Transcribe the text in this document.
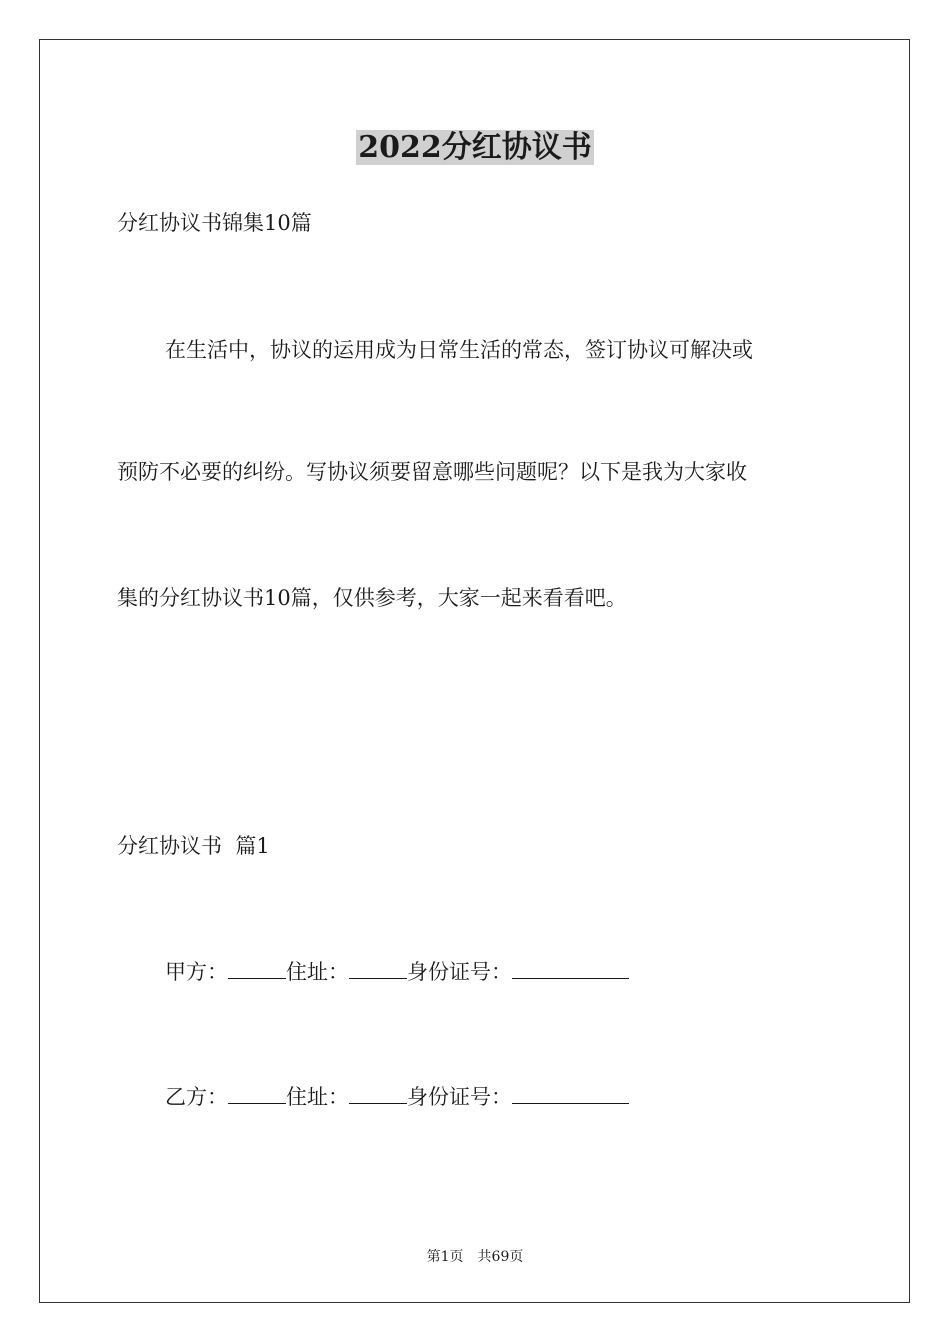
2022分红协议书
分红协议书锦集10篇
在生活中，协议的运用成为日常生活的常态，签订协议可解决或
预防不必要的纠纷。写协议须要留意哪些问题呢？以下是我为大家收
集的分红协议书10篇，仅供参考，大家一起来看看吧。
分红协议书  篇1
甲方：	住址：	身份证号：
乙方：	住址：	身份证号：
第1页 共69页
